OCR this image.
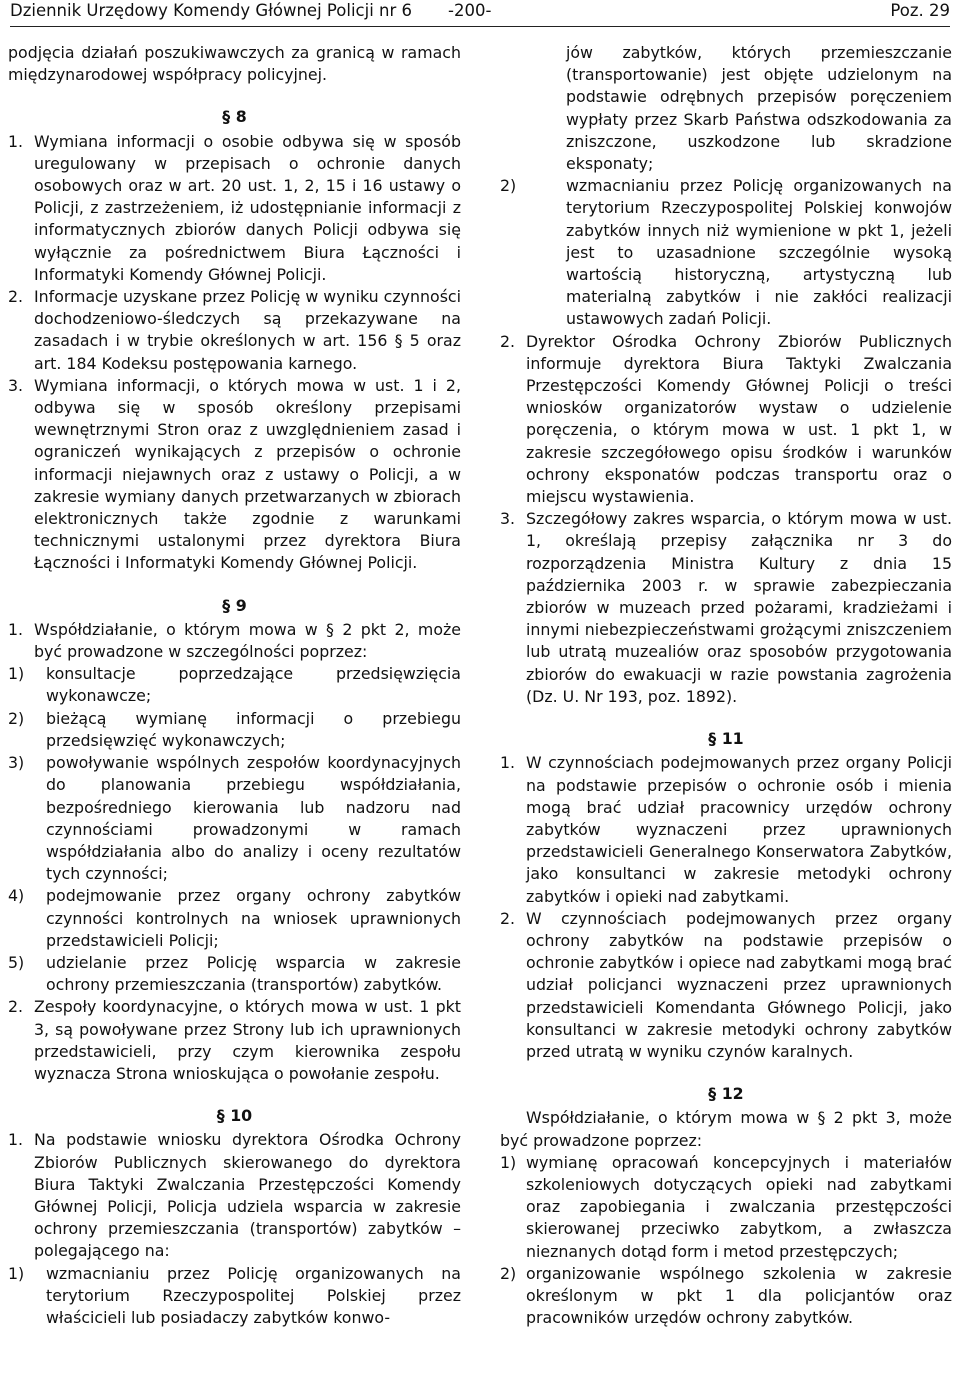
Dziennik Urzędowy Komendy Głównej Policji nr 6 -200-	Poz. 29

podjęcia działań poszukiwawczych za granicą w ramach międzynarodowej współpracy policyjnej.

§ 8
1. Wymiana informacji o osobie odbywa się w sposób uregulowany w przepisach o ochronie danych osobowych oraz w art. 20 ust. 1, 2, 15 i 16 ustawy o Policji, z zastrzeżeniem, iż udostępnianie informacji z informatycznych zbiorów danych Policji odbywa się wyłącznie za pośrednictwem Biura Łączności i Informatyki Komendy Głównej Policji.
2. Informacje uzyskane przez Policję w wyniku czynności dochodzeniowo-śledczych są przekazywane na zasadach i w trybie określonych w art. 156 § 5 oraz art. 184 Kodeksu postępowania karnego.
3. Wymiana informacji, o których mowa w ust. 1 i 2, odbywa się w sposób określony przepisami wewnętrznymi Stron oraz z uwzględnieniem zasad i ograniczeń wynikających z przepisów o ochronie informacji niejawnych oraz z ustawy o Policji, a w zakresie wymiany danych przetwarzanych w zbiorach elektronicznych także zgodnie z warunkami technicznymi ustalonymi przez dyrektora Biura Łączności i Informatyki Komendy Głównej Policji.
§ 9
1. Współdziałanie, o którym mowa w § 2 pkt 2, może być prowadzone w szczególności poprzez:
1)	konsultacje poprzedzające przedsięwzięcia wykonawcze;
2)	bieżącą wymianę informacji o przebiegu przedsięwzięć wykonawczych;
3)	powoływanie wspólnych zespołów koordynacyjnych do planowania przebiegu współdziałania, bezpośredniego kierowania lub nadzoru nad czynnościami prowadzonymi w ramach współdziałania albo do analizy i oceny rezultatów tych czynności;
4)	podejmowanie przez organy ochrony zabytków czynności kontrolnych na wniosek uprawnionych przedstawicieli Policji;
5)	udzielanie przez Policję wsparcia w zakresie ochrony przemieszczania (transportów) zabytków.
2. Zespoły koordynacyjne, o których mowa w ust. 1 pkt 3, są powoływane przez Strony lub ich uprawnionych przedstawicieli, przy czym kierownika zespołu wyznacza Strona wnioskująca o powołanie zespołu.
§ 10
1. Na podstawie wniosku dyrektora Ośrodka Ochrony Zbiorów Publicznych skierowanego do dyrektora Biura Taktyki Zwalczania Przestępczości Komendy Głównej Policji, Policja udziela wsparcia w zakresie ochrony przemieszczania (transportów) zabytków – polegającego na:
1)	wzmacnianiu przez Policję organizowanych na terytorium Rzeczypospolitej Polskiej przez właścicieli lub posiadaczy zabytków konwo-

jów zabytków, których przemieszczanie (transportowanie) jest objęte udzielonym na podstawie odrębnych przepisów poręczeniem wypłaty przez Skarb Państwa odszkodowania za zniszczone, uszkodzone lub skradzione eksponaty;

2)	wzmacnianiu przez Policję organizowanych na terytorium Rzeczypospolitej Polskiej konwojów zabytków innych niż wymienione w pkt 1, jeżeli jest to uzasadnione szczególnie wysoką wartością historyczną, artystyczną lub materialną zabytków i nie zakłóci realizacji ustawowych zadań Policji.
2. Dyrektor Ośrodka Ochrony Zbiorów Publicznych informuje dyrektora Biura Taktyki Zwalczania Przestępczości Komendy Głównej Policji o treści wniosków organizatorów wystaw o udzielenie poręczenia, o którym mowa w ust. 1 pkt 1, w zakresie szczegółowego opisu środków i warunków ochrony eksponatów podczas transportu oraz o miejscu wystawienia.
3. Szczegółowy zakres wsparcia, o którym mowa w ust. 1, określają przepisy załącznika nr 3 do rozporządzenia Ministra Kultury z dnia 15 października 2003 r. w sprawie zabezpieczania zbiorów w muzeach przed pożarami, kradzieżami i innymi niebezpieczeństwami grożącymi zniszczeniem lub utratą muzealiów oraz sposobów przygotowania zbiorów do ewakuacji w razie powstania zagrożenia (Dz. U. Nr 193, poz. 1892).
§ 11
1. W czynnościach podejmowanych przez organy Policji na podstawie przepisów o ochronie osób i mienia mogą brać udział pracownicy urzędów ochrony zabytków wyznaczeni przez uprawnionych przedstawicieli Generalnego Konserwatora Zabytków, jako konsultanci w zakresie metodyki ochrony zabytków i opieki nad zabytkami.
2. W czynnościach podejmowanych przez organy ochrony zabytków na podstawie przepisów o ochronie zabytków i opiece nad zabytkami mogą brać udział policjanci wyznaczeni przez uprawnionych przedstawicieli Komendanta Głównego Policji, jako konsultanci w zakresie metodyki ochrony zabytków przed utratą w wyniku czynów karalnych.
§ 12

Współdziałanie, o którym mowa w § 2 pkt 3, może być prowadzone poprzez:

1) wymianę opracowań koncepcyjnych i materiałów szkoleniowych dotyczących opieki nad zabytkami oraz zapobiegania i zwalczania przestępczości skierowanej przeciwko zabytkom, a zwłaszcza nieznanych dotąd form i metod przestępczych;
2) organizowanie wspólnego szkolenia w zakresie określonym w pkt 1 dla policjantów oraz pracowników urzędów ochrony zabytków.
